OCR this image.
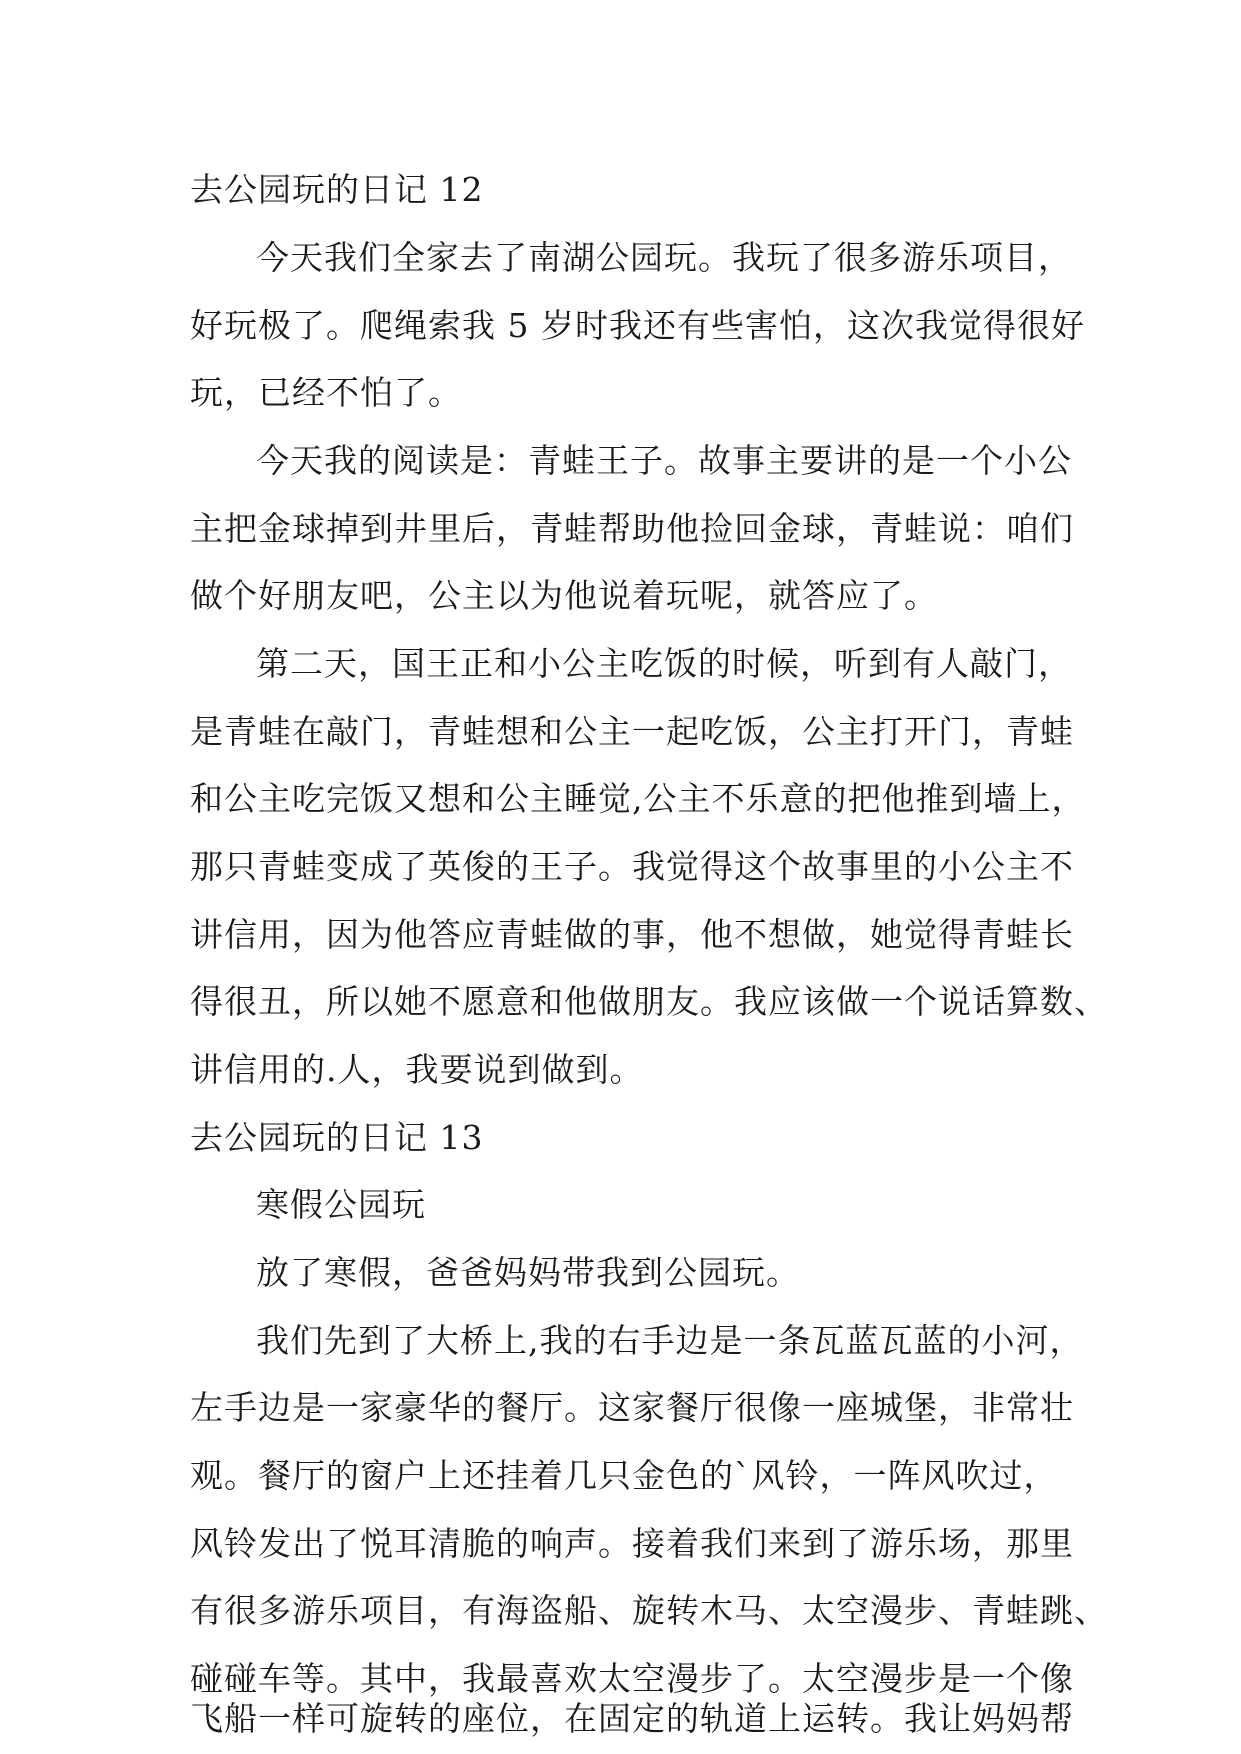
去公园玩的日记 12
今天我们全家去了南湖公园玩。我玩了很多游乐项目，
好玩极了。爬绳索我 5 岁时我还有些害怕，这次我觉得很好
玩，已经不怕了。
今天我的阅读是：青蛙王子。故事主要讲的是一个小公
主把金球掉到井里后，青蛙帮助他捡回金球，青蛙说：咱们
做个好朋友吧，公主以为他说着玩呢，就答应了。
第二天，国王正和小公主吃饭的时候，听到有人敲门，
是青蛙在敲门，青蛙想和公主一起吃饭，公主打开门，青蛙
和公主吃完饭又想和公主睡觉,公主不乐意的把他推到墙上，
那只青蛙变成了英俊的王子。我觉得这个故事里的小公主不
讲信用，因为他答应青蛙做的事，他不想做，她觉得青蛙长
得很丑，所以她不愿意和他做朋友。我应该做一个说话算数、
讲信用的.人，我要说到做到。
去公园玩的日记 13
寒假公园玩
放了寒假，爸爸妈妈带我到公园玩。
我们先到了大桥上,我的右手边是一条瓦蓝瓦蓝的小河，
左手边是一家豪华的餐厅。这家餐厅很像一座城堡，非常壮
观。餐厅的窗户上还挂着几只金色的`风铃，一阵风吹过，
风铃发出了悦耳清脆的响声。接着我们来到了游乐场，那里
有很多游乐项目，有海盗船、旋转木马、太空漫步、青蛙跳、
碰碰车等。其中，我最喜欢太空漫步了。太空漫步是一个像
飞船一样可旋转的座位，在固定的轨道上运转。我让妈妈帮
